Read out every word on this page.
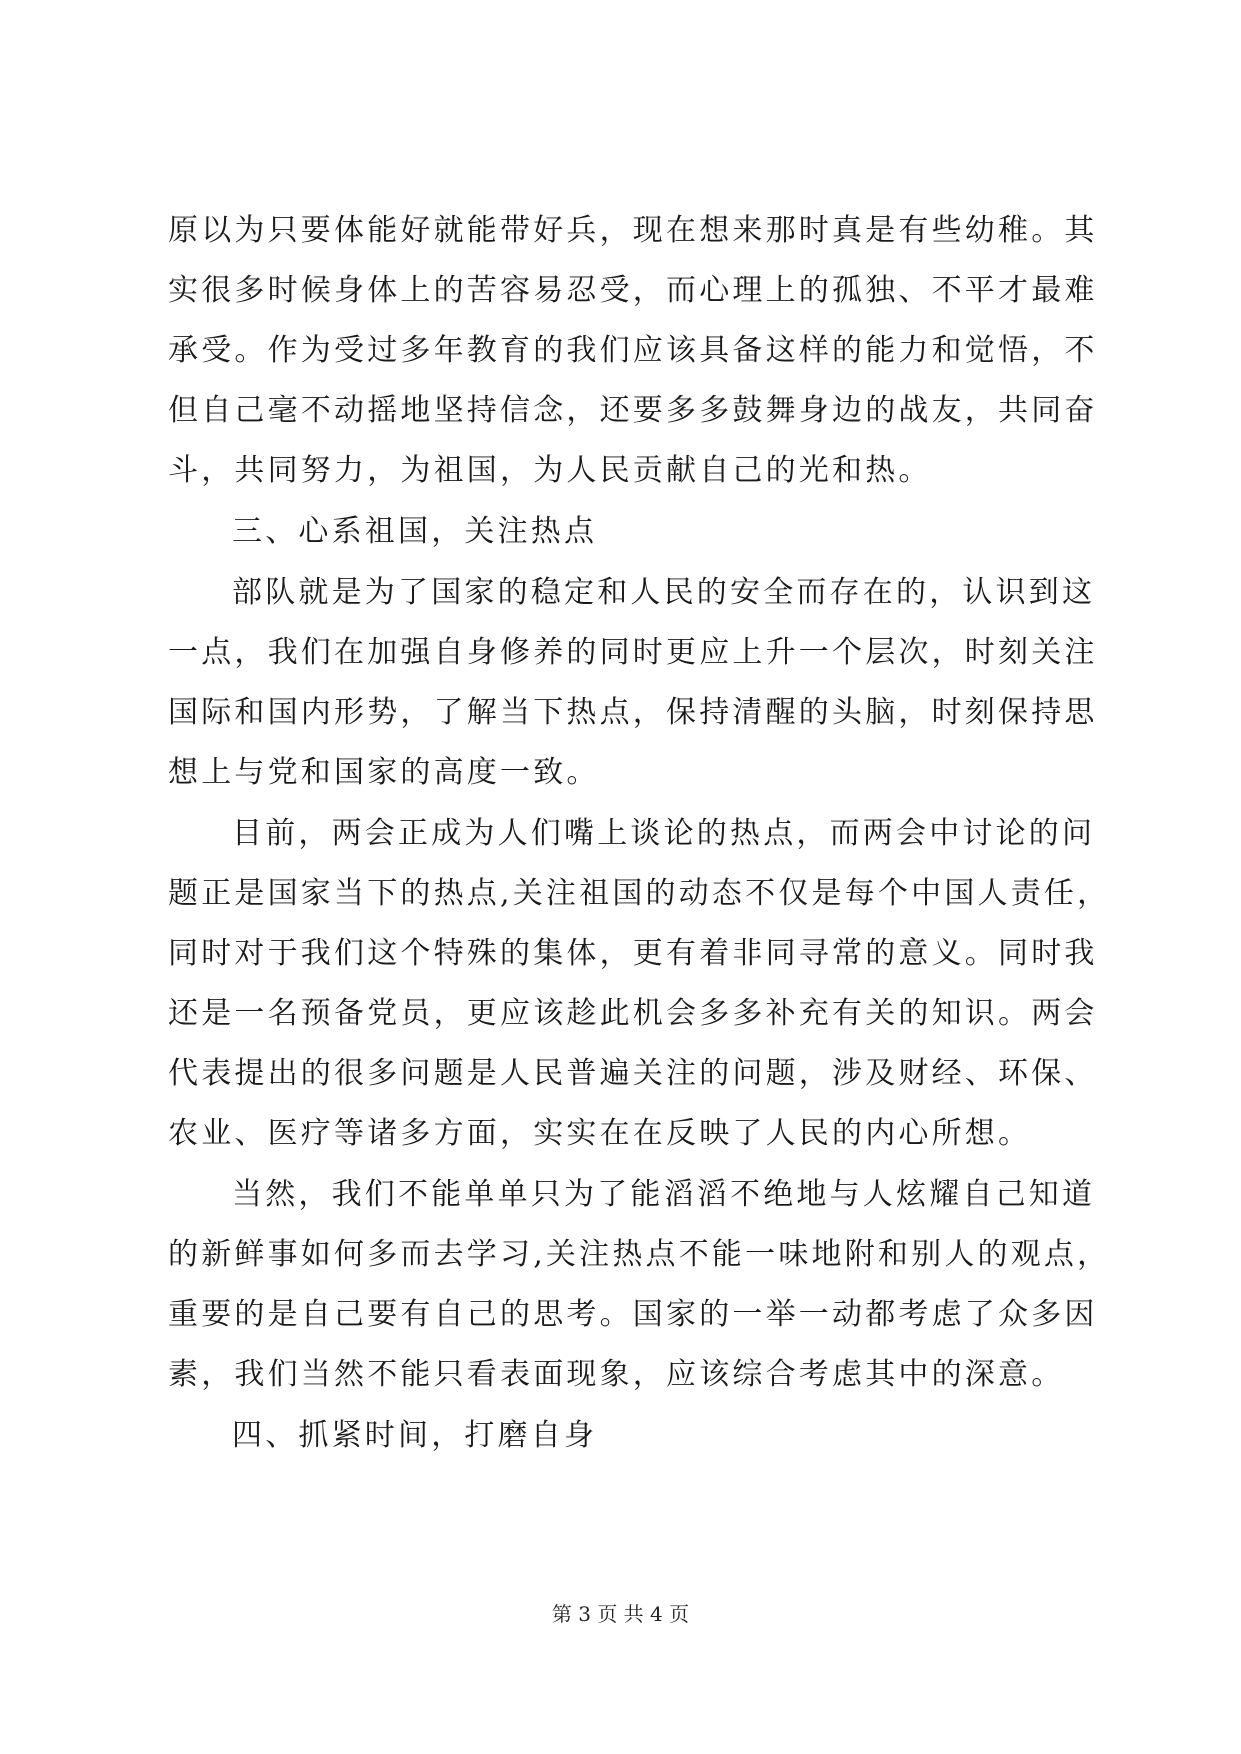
原以为只要体能好就能带好兵，现在想来那时真是有些幼稚。其
实很多时候身体上的苦容易忍受，而心理上的孤独、不平才最难
承受。作为受过多年教育的我们应该具备这样的能力和觉悟，不
但自己毫不动摇地坚持信念，还要多多鼓舞身边的战友，共同奋
斗，共同努力，为祖国，为人民贡献自己的光和热。
三、心系祖国，关注热点
部队就是为了国家的稳定和人民的安全而存在的，认识到这
一点，我们在加强自身修养的同时更应上升一个层次，时刻关注
国际和国内形势，了解当下热点，保持清醒的头脑，时刻保持思
想上与党和国家的高度一致。
目前，两会正成为人们嘴上谈论的热点，而两会中讨论的问
题正是国家当下的热点,关注祖国的动态不仅是每个中国人责任，
同时对于我们这个特殊的集体，更有着非同寻常的意义。同时我
还是一名预备党员，更应该趁此机会多多补充有关的知识。两会
代表提出的很多问题是人民普遍关注的问题，涉及财经、环保、
农业、医疗等诸多方面，实实在在反映了人民的内心所想。
当然，我们不能单单只为了能滔滔不绝地与人炫耀自己知道
的新鲜事如何多而去学习,关注热点不能一味地附和别人的观点，
重要的是自己要有自己的思考。国家的一举一动都考虑了众多因
素，我们当然不能只看表面现象，应该综合考虑其中的深意。
四、抓紧时间，打磨自身
第 3 页 共 4 页
